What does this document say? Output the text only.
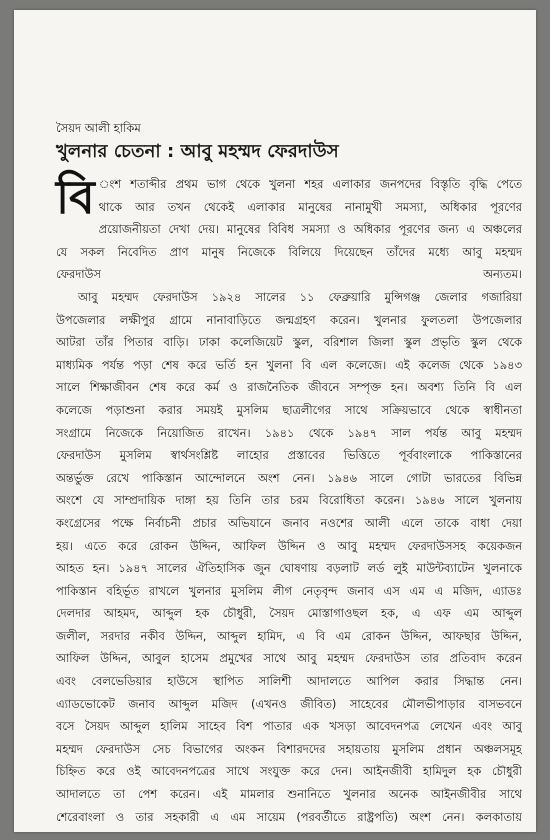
সৈয়দ আলী হাকিম
খুলনার চেতনা : আবু মহম্মদ ফেরদাউস
বি ংশ শতাব্দীর প্রথম ভাগ থেকে খুলনা শহর এলাকার জনপদের বিস্তৃতি বৃদ্ধি পেতে
থাকে আর তখন থেকেই এলাকার মানুষের নানামুখী সমস্যা, অধিকার পূরণের
প্রয়োজনীয়তা দেখা দেয়। মানুষের বিবিধ সমস্যা ও অধিকার পূরণের জন্য এ অঞ্চলের
যে সকল নিবেদিত প্রাণ মানুষ নিজেকে বিলিয়ে দিয়েছেন তাঁদের মধ্যে আবু মহম্মদ
ফেরদাউস অন্যতম।
আবু মহম্মদ ফেরদাউস ১৯২৪ সালের ১১ ফেব্রুয়ারি মুন্সিগঞ্জ জেলার গজারিয়া
উপজেলার লক্ষীপুর গ্রামে নানাবাড়িতে জন্মগ্রহণ করেন। খুলনার ফুলতলা উপজেলার
আটরা তাঁর পিতার বাড়ি। ঢাকা কলেজিয়েট স্কুল, বরিশাল জিলা স্কুল প্রভৃতি স্কুল থেকে
মাধ্যমিক পর্যন্ত পড়া শেষ করে ভর্তি হন খুলনা বি এল কলেজে। এই কলেজ থেকে ১৯৪৩
সালে শিক্ষাজীবন শেষ করে কর্ম ও রাজনৈতিক জীবনে সম্পৃক্ত হন। অবশ্য তিনি বি এল
কলেজে পড়াশুনা করার সময়ই মুসলিম ছাত্রলীগের সাথে সক্রিয়ভাবে থেকে স্বাধীনতা
সংগ্রামে নিজেকে নিয়োজিত রাখেন। ১৯৪১ থেকে ১৯৪৭ সাল পর্যন্ত আবু মহম্মদ
ফেরদাউস মুসলিম স্বার্থসংশ্লিষ্ট লাহোর প্রস্তাবের ভিত্তিতে পূর্ববাংলাকে পাকিস্তানের
অন্তর্ভুক্ত রেখে পাকিস্তান আন্দোলনে অংশ নেন। ১৯৪৬ সালে গোটা ভারতের বিভিন্ন
অংশে যে সাম্প্রদায়িক দাঙ্গা হয় তিনি তার চরম বিরোধিতা করেন। ১৯৪৬ সালে খুলনায়
কংগ্রেসের পক্ষে নির্বাচনী প্রচার অভিযানে জনাব নওশের আলী এলে তাকে বাধা দেয়া
হয়। এতে করে রোকন উদ্দিন, আফিল উদ্দিন ও আবু মহম্মদ ফেরদাউসসহ কয়েকজন
আহত হন। ১৯৪৭ সালের ঐতিহাসিক জুন ঘোষণায় বড়লাট লর্ড লুই মাউন্টব্যাটেন খুলনাকে
পাকিস্তান বহির্ভূত রাখলে খুলনার মুসলিম লীগ নেতৃবৃন্দ জনাব এস এম এ মজিদ, এ্যাডঃ
দেলদার আহমদ, আব্দুল হক চৌধুরী, সৈয়দ মোস্তাগাওছল হক, এ এফ এম আব্দুল
জলীল, সরদার নকীব উদ্দিন, আব্দুল হামিদ, এ বি এম রোকন উদ্দিন, আফছার উদ্দিন,
আফিল উদ্দিন, আবুল হাসেম প্রমুখের সাথে আবু মহম্মদ ফেরদাউস তার প্রতিবাদ করেন
এবং বেলভেডিয়ার হাউসে স্থাপিত সালিশী আদালতে আপিল করার সিদ্ধান্ত নেন।
এ্যাডভোকেট জনাব আব্দুল মজিদ (এখনও জীবিত) সাহেবের মৌলভীপাড়ার বাসভবনে
বসে সৈয়দ আব্দুল হালিম সাহেব বিশ পাতার এক খসড়া আবেদনপত্র লেখেন এবং আবু
মহম্মদ ফেরদাউস সেচ বিভাগের অংকন বিশারদদের সহায়তায় মুসলিম প্রধান অঞ্চলসমূহ
চিহ্নিত করে ওই আবেদনপত্রের সাথে সংযুক্ত করে দেন। আইনজীবী হামিদুল হক চৌধুরী
আদালতে তা পেশ করেন। এই মামলার শুনানিতে খুলনার অনেক আইনজীবীর সাথে
শেরেবাংলা ও তার সহকারী এ এম সায়েম (পরবর্তীতে রাষ্ট্রপতি) অংশ নেন। কলকাতায়
